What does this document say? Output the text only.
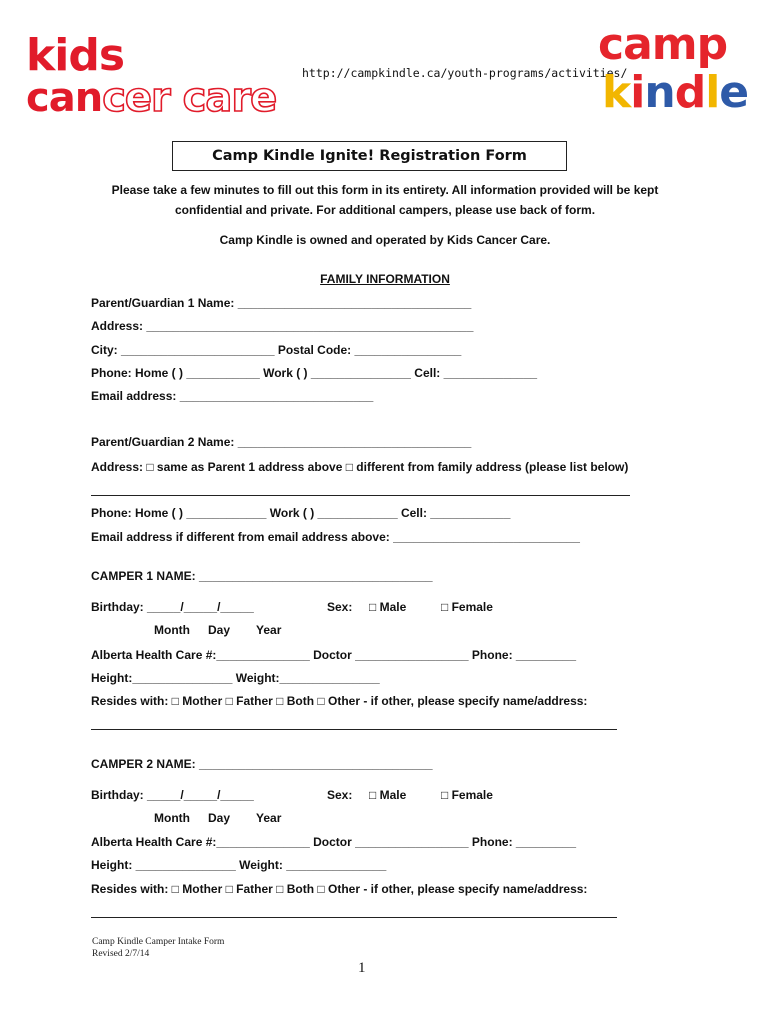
kids
cancer care
http://campkindle.ca/youth-programs/activities/
camp
kindle
Camp Kindle Ignite! Registration Form
Please take a few minutes to fill out this form in its entirety. All information provided will be kept
confidential and private. For additional campers, please use back of form.
Camp Kindle is owned and operated by Kids Cancer Care.
FAMILY INFORMATION
Parent/Guardian 1 Name: ___________________________________
Address: _________________________________________________
City: _______________________ Postal Code: ________________
Phone: Home ( ) ___________ Work ( ) _______________ Cell: ______________
Email address: _____________________________
Parent/Guardian 2 Name: ___________________________________
Address: □ same as Parent 1 address above □ different from family address (please list below)
Phone: Home ( ) ____________ Work ( ) ____________ Cell: ____________
Email address if different from email address above: ____________________________
CAMPER 1 NAME: ___________________________________
Birthday: _____/_____/_____	Sex: □ Male	□ Female
Month Day Year
Alberta Health Care #:______________ Doctor _________________ Phone: _________
Height:_______________ Weight:_______________
Resides with: □ Mother □ Father □ Both □ Other - if other, please specify name/address:
CAMPER 2 NAME: ___________________________________
Birthday: _____/_____/_____	Sex: □ Male	□ Female
Month Day Year
Alberta Health Care #:______________ Doctor _________________ Phone: _________
Height: _______________ Weight: _______________
Resides with: □ Mother □ Father □ Both □ Other - if other, please specify name/address:
Camp Kindle Camper Intake Form
Revised 2/7/14
1
